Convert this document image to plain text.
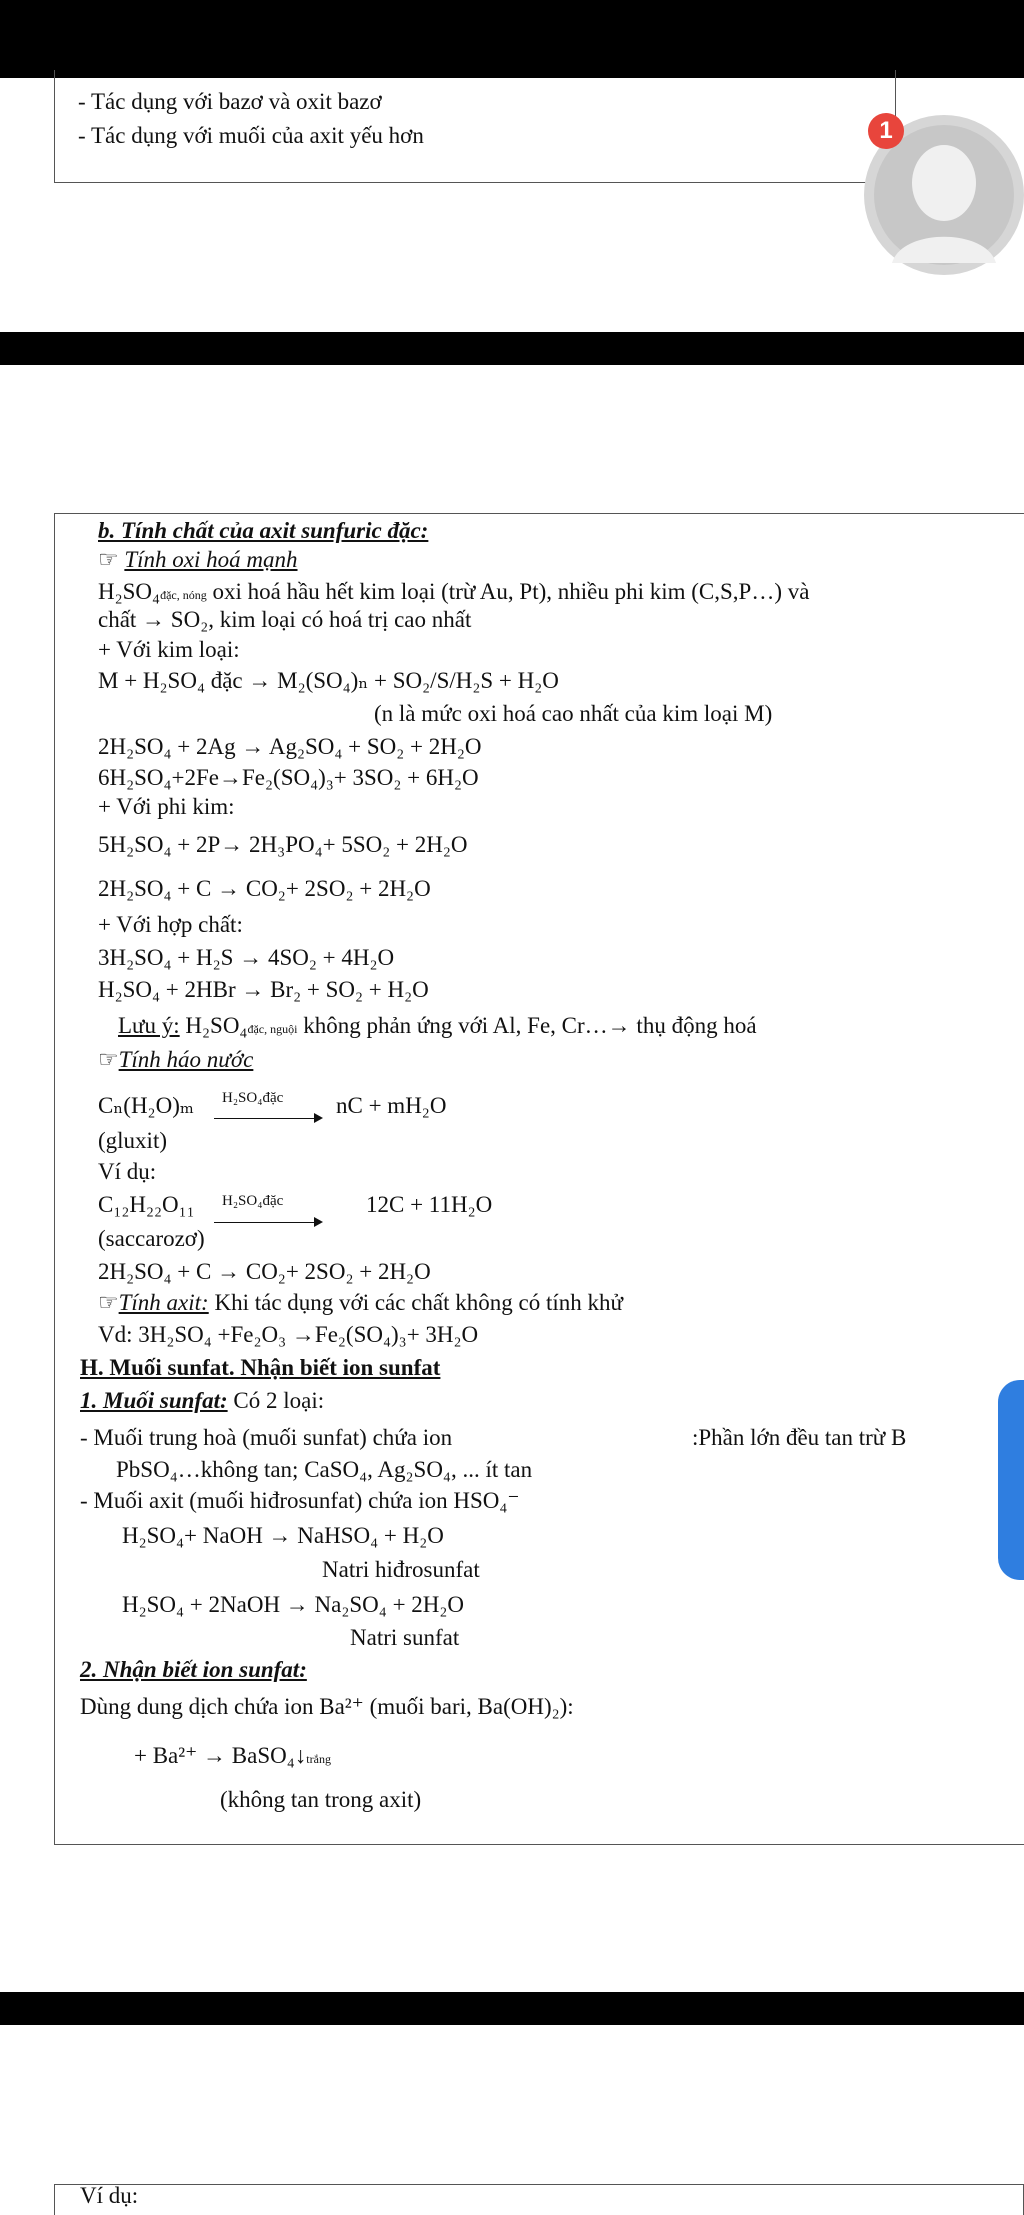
- Tác dụng với bazơ và oxit bazơ
- Tác dụng với muối của axit yếu hơn	1
b. Tính chất của axit sunfuric đặc:
☞ Tính oxi hoá mạnh
H₂SO₄đặc, nóng oxi hoá hầu hết kim loại (trừ Au, Pt), nhiều phi kim (C,S,P…) và
chất → SO₂, kim loại có hoá trị cao nhất
+ Với kim loại:
M + H₂SO₄ đặc → M₂(SO₄)ₙ + SO₂/S/H₂S + H₂O
(n là mức oxi hoá cao nhất của kim loại M)
2H₂SO₄ + 2Ag → Ag₂SO₄ + SO₂ + 2H₂O
6H₂SO₄+2Fe→Fe₂(SO₄)₃+ 3SO₂ + 6H₂O
+ Với phi kim:
5H₂SO₄ + 2P→ 2H₃PO₄+ 5SO₂ + 2H₂O
2H₂SO₄ + C → CO₂+ 2SO₂ + 2H₂O
+ Với hợp chất:
3H₂SO₄ + H₂S → 4SO₂ + 4H₂O
H₂SO₄ + 2HBr → Br₂ + SO₂ + H₂O
Lưu ý: H₂SO₄đặc, nguội không phản ứng với Al, Fe, Cr…→ thụ động hoá
☞Tính háo nước
Cₙ(H₂O)ₘ H₂SO₄đặc nC + mH₂O
(gluxit)
Ví dụ:
C₁₂H₂₂O₁₁ H₂SO₄đặc	12C + 11H₂O
(saccarozơ)
2H₂SO₄ + C → CO₂+ 2SO₂ + 2H₂O
☞Tính axit: Khi tác dụng với các chất không có tính khử
Vd: 3H₂SO₄ +Fe₂O₃ →Fe₂(SO₄)₃+ 3H₂O
H. Muối sunfat. Nhận biết ion sunfat
1. Muối sunfat: Có 2 loại:
- Muối trung hoà (muối sunfat) chứa ion	:Phần lớn đều tan trừ B
PbSO₄…không tan; CaSO₄, Ag₂SO₄, ... ít tan
- Muối axit (muối hiđrosunfat) chứa ion HSO₄⁻
H₂SO₄+ NaOH → NaHSO₄ + H₂O
Natri hiđrosunfat
H₂SO₄ + 2NaOH → Na₂SO₄ + 2H₂O
Natri sunfat
2. Nhận biết ion sunfat:
Dùng dung dịch chứa ion Ba²⁺ (muối bari, Ba(OH)₂):
+ Ba²⁺ → BaSO₄↓trắng
(không tan trong axit)
Ví dụ:
